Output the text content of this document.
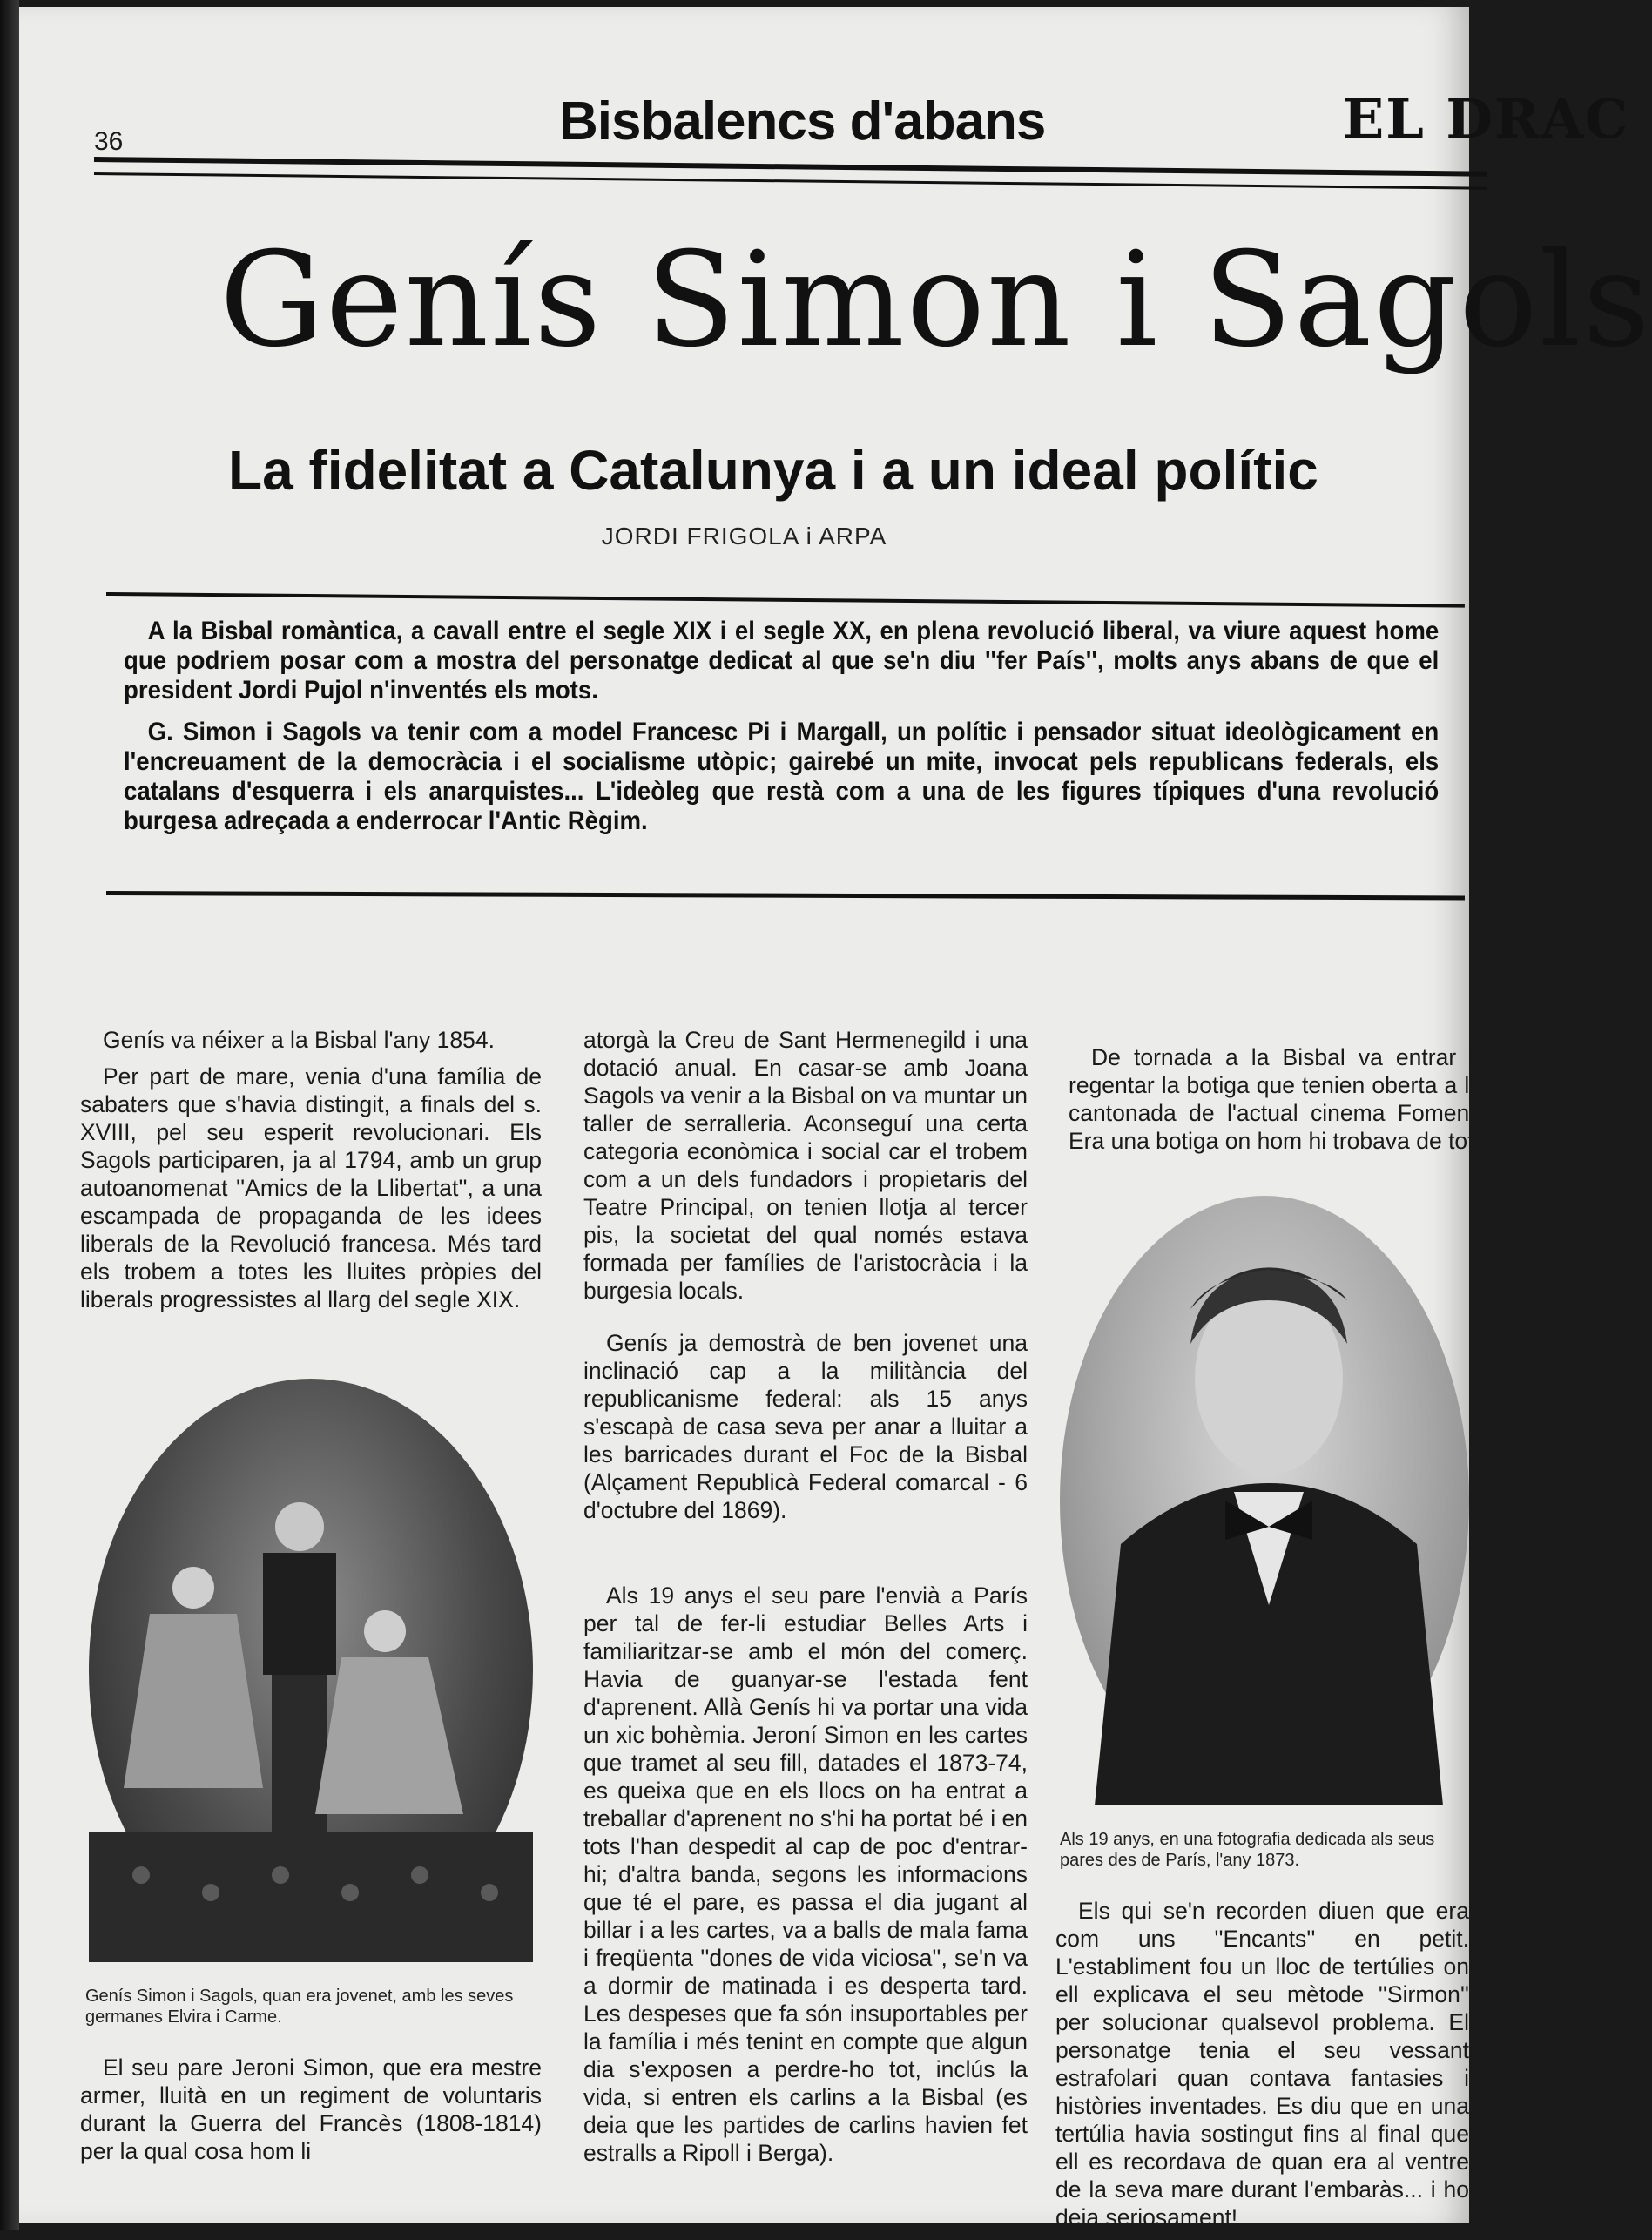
36	Bisbalencs d'abans	EL DRAC
Genís Simon i Sagols
La fidelitat a Catalunya i a un ideal polític
JORDI FRIGOLA i ARPA

A la Bisbal romàntica, a cavall entre el segle XIX i el segle XX, en plena revolució liberal, va viure aquest home que podriem posar com a mostra del personatge dedicat al que se'n diu ''fer País'', molts anys abans de que el president Jordi Pujol n'inventés els mots.

G. Simon i Sagols va tenir com a model Francesc Pi i Margall, un polític i pensador situat ideològicament en l'encreuament de la democràcia i el socialisme utòpic; gairebé un mite, invocat pels republicans federals, els catalans d'esquerra i els anarquistes... L'ideòleg que restà com a una de les figures típiques d'una revolució burgesa adreçada a enderrocar l'Antic Règim.

Genís va néixer a la Bisbal l'any 1854.

Per part de mare, venia d'una família de sabaters que s'havia distingit, a finals del s. XVIII, pel seu esperit revolucionari. Els Sagols participaren, ja al 1794, amb un grup autoanomenat ''Amics de la Llibertat'', a una escampada de propaganda de les idees liberals de la Revolució francesa. Més tard els trobem a totes les lluites pròpies del liberals progressistes al llarg del segle XIX.

Genís Simon i Sagols, quan era jovenet, amb les seves germanes Elvira i Carme.

El seu pare Jeroni Simon, que era mestre armer, lluità en un regiment de voluntaris durant la Guerra del Francès (1808-1814) per la qual cosa hom li

atorgà la Creu de Sant Hermenegild i una dotació anual. En casar-se amb Joana Sagols va venir a la Bisbal on va muntar un taller de serralleria. Aconseguí una certa categoria econòmica i social car el trobem com a un dels fundadors i propietaris del Teatre Principal, on tenien llotja al tercer pis, la societat del qual només estava formada per famílies de l'aristocràcia i la burgesia locals.

Genís ja demostrà de ben jovenet una inclinació cap a la militància del republicanisme federal: als 15 anys s'escapà de casa seva per anar a lluitar a les barricades durant el Foc de la Bisbal (Alçament Republicà Federal comarcal - 6 d'octubre del 1869).

Als 19 anys el seu pare l'envià a París per tal de fer-li estudiar Belles Arts i familiaritzar-se amb el món del comerç. Havia de guanyar-se l'estada fent d'aprenent. Allà Genís hi va portar una vida un xic bohèmia. Jeroní Simon en les cartes que tramet al seu fill, datades el 1873-74, es queixa que en els llocs on ha entrat a treballar d'aprenent no s'hi ha portat bé i en tots l'han despedit al cap de poc d'entrar-hi; d'altra banda, segons les informacions que té el pare, es passa el dia jugant al billar i a les cartes, va a balls de mala fama i freqüenta ''dones de vida viciosa'', se'n va a dormir de matinada i es desperta tard. Les despeses que fa són insuportables per la família i més tenint en compte que algun dia s'exposen a perdre-ho tot, inclús la vida, si entren els carlins a la Bisbal (es deia que les partides de carlins havien fet estralls a Ripoll i Berga).

De tornada a la Bisbal va entrar a regentar la botiga que tenien oberta a la cantonada de l'actual cinema Foment. Era una botiga on hom hi trobava de tot.

Als 19 anys, en una fotografia dedicada als seus pares des de París, l'any 1873.

Els qui se'n recorden diuen que era com uns ''Encants'' en petit. L'establiment fou un lloc de tertúlies on ell explicava el seu mètode ''Sirmon'' per solucionar qualsevol problema. El personatge tenia el seu vessant estrafolari quan contava fantasies i històries inventades. Es diu que en una tertúlia havia sostingut fins al final que ell es recordava de quan era al ventre de la seva mare durant l'embaràs... i ho deia seriosament!.
